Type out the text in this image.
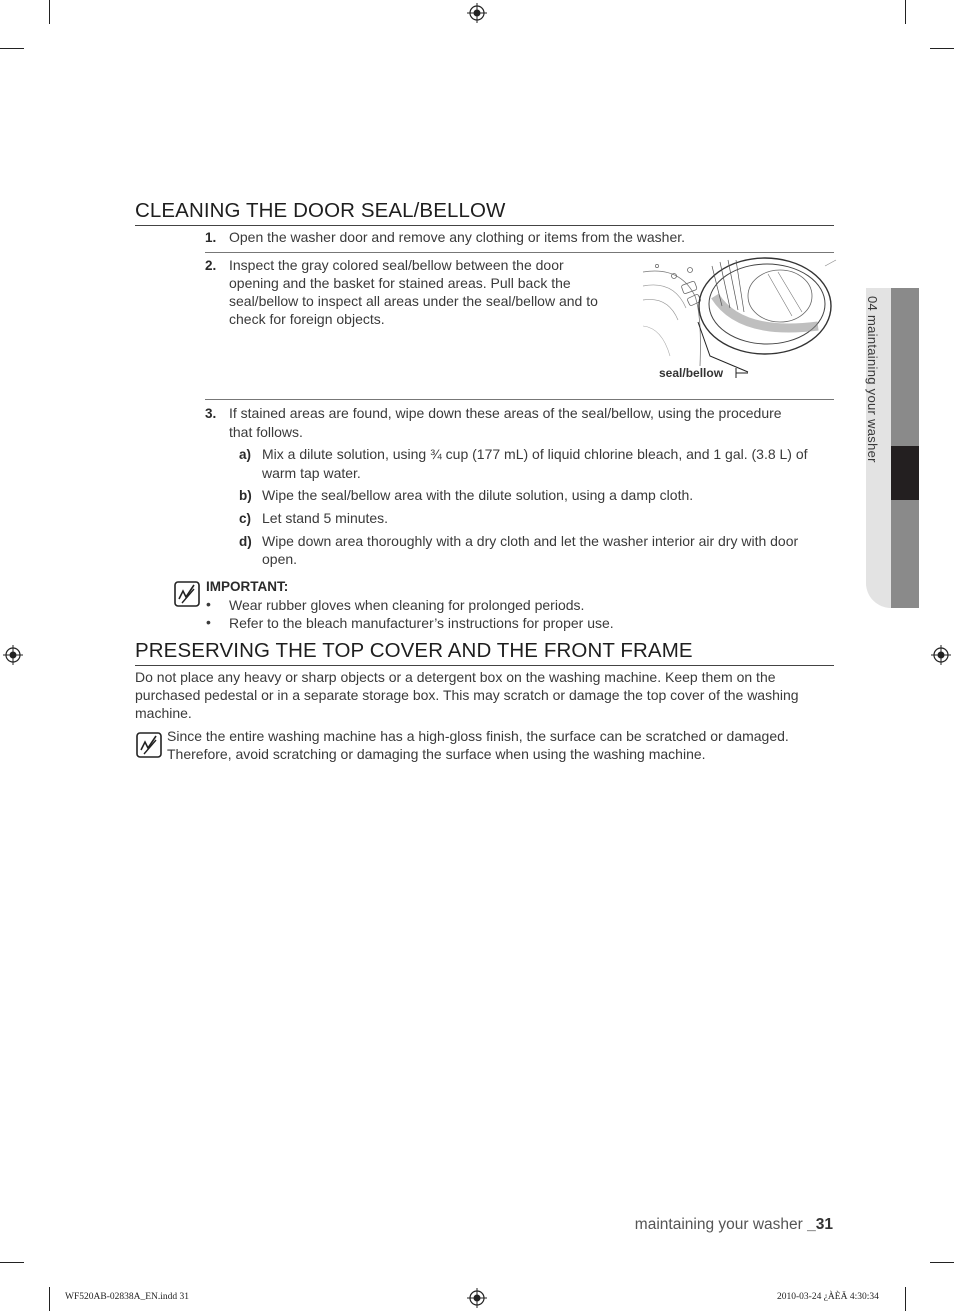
04 maintaining your washer
CLEANING THE DOOR SEAL/BELLOW
1. Open the washer door and remove any clothing or items from the washer.
2. Inspect the gray colored seal/bellow between the door
opening and the basket for stained areas. Pull back the
seal/bellow to inspect all areas under the seal/bellow and to
check for foreign objects.
seal/bellow
3. If stained areas are found, wipe down these areas of the seal/bellow, using the procedure
that follows.
a) Mix a dilute solution, using ¾ cup (177 mL) of liquid chlorine bleach, and 1 gal. (3.8 L) of
warm tap water.
b) Wipe the seal/bellow area with the dilute solution, using a damp cloth.
c) Let stand 5 minutes.
d) Wipe down area thoroughly with a dry cloth and let the washer interior air dry with door
open.
IMPORTANT:
• Wear rubber gloves when cleaning for prolonged periods.
• Refer to the bleach manufacturer’s instructions for proper use.
PRESERVING THE TOP COVER AND THE FRONT FRAME
Do not place any heavy or sharp objects or a detergent box on the washing machine. Keep them on the
purchased pedestal or in a separate storage box. This may scratch or damage the top cover of the washing
machine.
Since the entire washing machine has a high-gloss finish, the surface can be scratched or damaged.
Therefore, avoid scratching or damaging the surface when using the washing machine.
maintaining your washer _31
WF520AB-02838A_EN.indd 31	2010-03-24 ¿ÀÈÄ 4:30:34
